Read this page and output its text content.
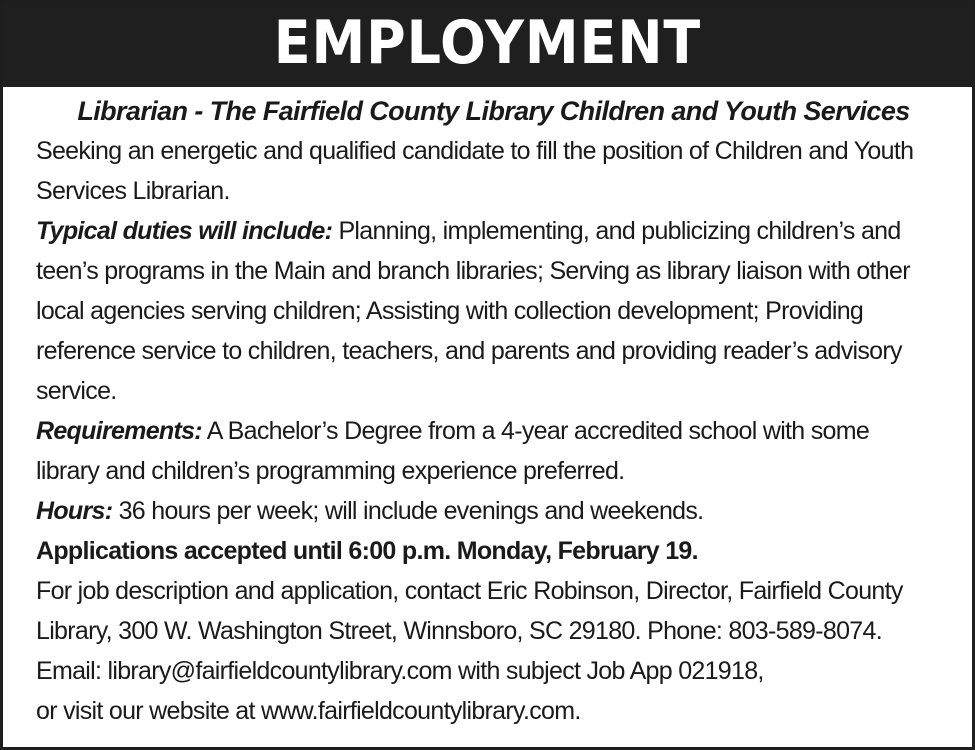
EMPLOYMENT
Librarian - The Fairfield County Library Children and Youth Services

Seeking an energetic and qualified candidate to fill the position of Children and Youth
Services Librarian.

Typical duties will include: Planning, implementing, and publicizing children’s and
teen’s programs in the Main and branch libraries; Serving as library liaison with other
local agencies serving children; Assisting with collection development; Providing
reference service to children, teachers, and parents and providing reader’s advisory
service.

Requirements: A Bachelor’s Degree from a 4-year accredited school with some
library and children’s programming experience preferred.

Hours: 36 hours per week; will include evenings and weekends.

Applications accepted until 6:00 p.m. Monday, February 19.

For job description and application, contact Eric Robinson, Director, Fairfield County
Library, 300 W. Washington Street, Winnsboro, SC 29180. Phone: 803-589-8074.
Email: library@fairfieldcountylibrary.com with subject Job App 021918,
or visit our website at www.fairfieldcountylibrary.com.
